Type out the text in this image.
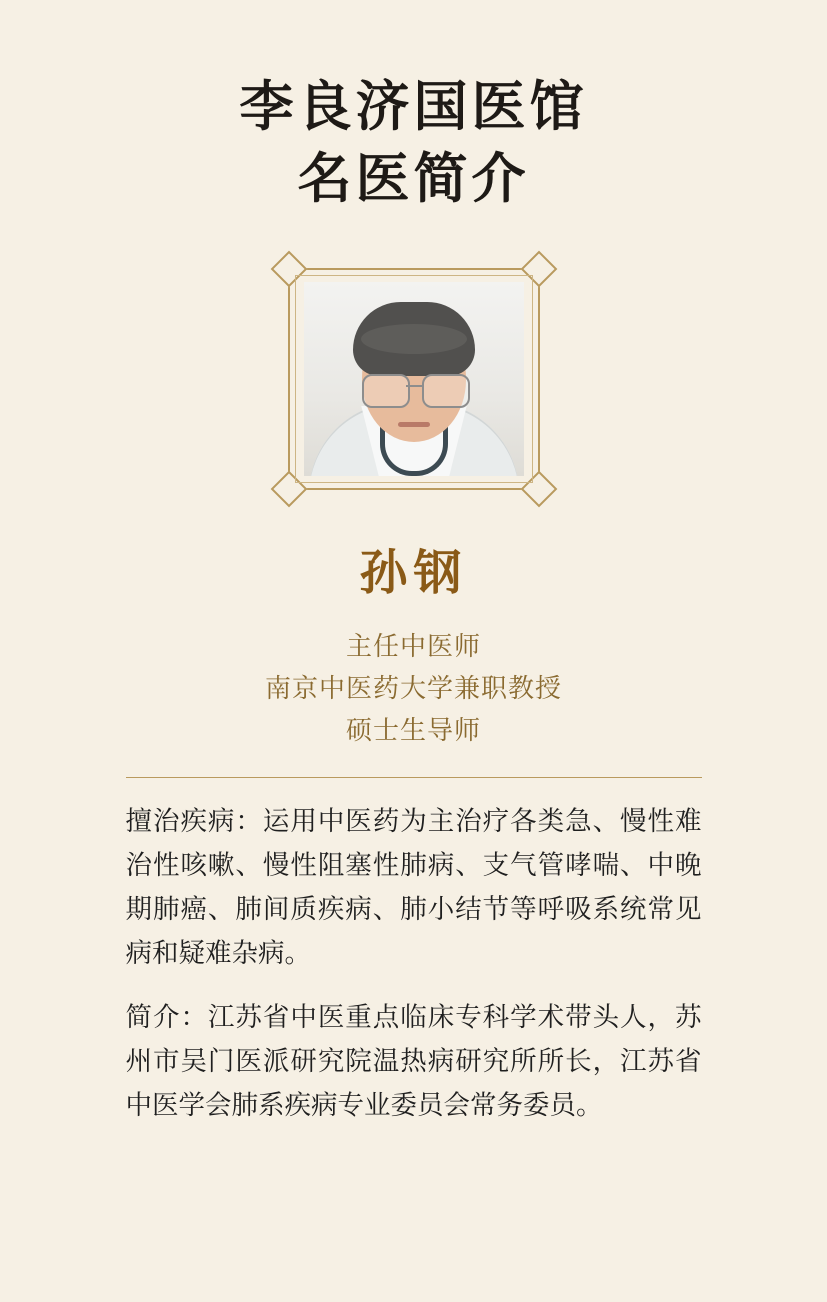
李良济国医馆
名医简介
孙钢
主任中医师
南京中医药大学兼职教授
硕士生导师

擅治疾病：运用中医药为主治疗各类急、慢性难治性咳嗽、慢性阻塞性肺病、支气管哮喘、中晚期肺癌、肺间质疾病、肺小结节等呼吸系统常见病和疑难杂病。

简介：江苏省中医重点临床专科学术带头人，苏州市吴门医派研究院温热病研究所所长，江苏省中医学会肺系疾病专业委员会常务委员。
